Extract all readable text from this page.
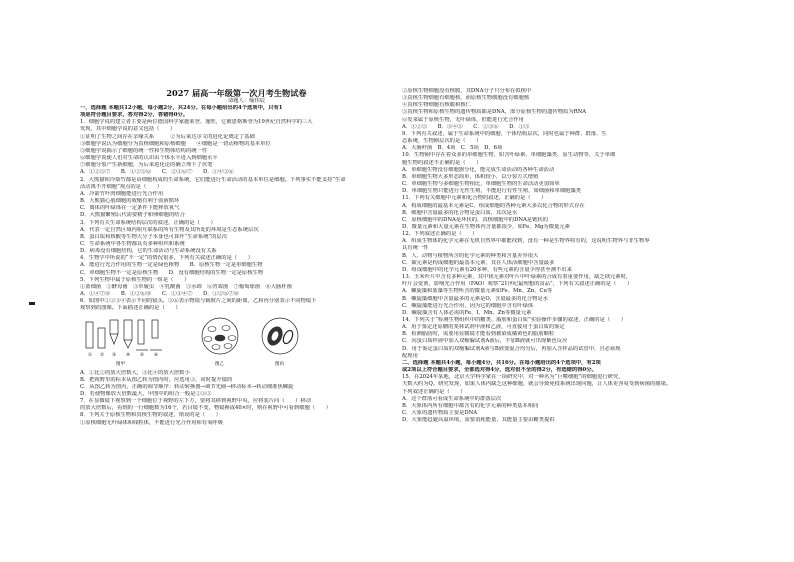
2027 届高一年级第一次月考生物试卷
命题人：喻伟辰
一、选择题 本题共12小题，每小题2分，共24分。在每小题给出的4个选项中，只有1
项是符合题目要求，答对得2分，答错得0分。
1．细胞学说的建立者主要是两位德国科学家施莱登、施旺，它被恩格斯誉为19世纪自然科学的三大
发现，其中细胞学说的意义包括（　　）
①证明了生物之间存在亲缘关系　　　②为后来达尔文的进化论奠定了基础
③细胞学说认为细胞分为真核细胞和原核细胞　　④细胞是一切动植物的基本单位
⑤细胞学说揭示了细胞的统一性和生物体结构的统一性
⑥细胞学说使人们对生命的认识由个体水平进入到细胞水平
⑦细胞分裂产生新细胞，为后来进化论的确立埋下了伏笔
A．①②⑤⑦　　B．①②⑤⑥　　C．②③⑥⑦　　D．①④⑤⑥
2．大熊猫和冷箭竹都是由细胞构成的生命系统，它们能进行生命活动的基本单位是细胞。下列事实不能支持“生命
活动离不开细胞”观点的是（　　）
A．冷箭竹叶肉细胞能进行光合作用
B．大熊猫心肌细胞的收缩有利于血液循环
C．离体的叶绿体在一定条件下能释放氧气
D．大熊猫繁殖后代需要精子和卵细胞的结合
3．下列有关生命系统结构层次的叙述，正确的是（　　）
A．代表一定自然区域内相互联系的所有生物及其所处的环境是生态系统层次
B．蛋白质和核酸等生物大分子本身也可算作“生命系统”的层次
C．生命系统中各生物都具有多种组织和系统
D．病毒没有细胞结构，它的生命活动与生命系统没有关系
4．生物学中所说的“不一定”的情况很多，下列有关叙述正确的是（　　）
A．能进行光合作用的生物一定是绿色植物　　B．原核生物一定是单细胞生物
C．单细胞生物不一定是原核生物　　D．没有细胞结构的生物一定是原核生物
5．下列生物中属于原核生物的一组是（　　）
①蓝细菌　②酵母菌　③草履虫　④乳酸菌　⑤水绵　⑥青霉菌　⑦葡萄球菌　⑧大肠杆菌
A．①④⑦⑧　　B．①②⑥⑧　　C．①③④⑦　　D．①②⑥⑦⑧
6．如图中①②③④表示不同的镜头，⑤⑥表示物镜与载玻片之间的距离，乙和丙分别表示不同物镜下
观察到的图像。下面描述正确的是（　　）
① ② ③ ④ ⑤ ⑥
图甲	图乙	图丙
A．①比②的放大倍数大，③比④的放大倍数小
B．把视野里的标本从图乙转为图丙时，应选用③，同时提升镜筒
C．从图乙转为图丙，正确的调节顺序：转动转换器→调节光圈→移动标本→转动细准焦螺旋
D．若使物像放大倍数最大，甲图中的组合一般是②③⑤
7．在显微镜下观察到一个细胞位于视野的左下方，要将其移到视野中央，应将装片向（　　）移动
的放大倍数后，看到的一行细胞数为16个，若目镜不变，物镜换成40×时，则在视野中可看到细胞（　　）
8．下列关于原核生物和真核生物的叙述，错误的是（　　）
①原核细胞无叶绿体和线粒体，不能进行光合作用和有氧呼吸
②原核生物细胞没有核膜，其DNA分子只分布在拟核中
③真核生物细胞有细胞核，而原核生物细胞没有细胞核
④真核生物细胞有核膜和核仁
⑤真核生物和原核生物的遗传物质都是DNA，部分原核生物的遗传物质为RNA
⑥发菜属于原核生物，无叶绿体，但能进行光合作用
A．①②⑤　　B．③④⑤　　C．②③⑥　　D．①⑤
9．下列有关叙述，属于生命系统中的细胞、个体结构层次，同时也属于种群、群落、生
态系统，生物圈层次的是（　　）
A．大肠杆菌　B．4项　C．5项　D．6项
10．生物圈中存在着众多的单细胞生物，如含叶绿素、单细胞藻类、原生动物等，关于单细
胞生物的叙述不正确的是（　　）
A．单细胞生物没有细胞器分化，能完成生命活动的各种生命活动
B．单细胞生物大多形态简单，体积较小，以分裂方式增殖
C．单细胞生物与多细胞生物相比，单细胞生物的生命活动更加简单
D．单细胞生物只能进行无性生殖，不能进行有性生殖，如细菌和单细胞藻类
11．下列有关细胞中元素和化合物的叙述，正确的是（　　）
A．构成细胞的最基本元素是C，组成细胞的各种元素大多以化合物的形式存在
B．细胞中含量最多的化合物是蛋白质，其次是水
C．原核细胞中的DNA是环状的，真核细胞中的DNA是链状的
D．微量元素和大量元素在生物体内含量都很少，如Fe、Mg为微量元素
12．下列叙述正确的是（　　）
A．组成生物体的化学元素在无机自然界中都能找到，没有一种是生物界特有的，这说明生物界与非生物界
具有统一性
B．人、动物与植物所含的化学元素的种类和含量差异很大
C．碳元素是构成细胞的最基本元素，其在人体活细胞中含量最多
D．组成细胞中的化学元素有20多种，有些元素的含量少得甚至测不出来
13．玉米叶片中含有多种元素，其中镁元素对叶片中叶绿素的合成有着重要作用，缺乏镁元素时，
叶片会变黄，影响光合作用（FAO）观察“21世纪最理想的食品”，下列有关叙述正确的是（　　）
A．螺旋藻和蓝藻等生物所含的微量元素如Fe、Mn、Zn、Cu等
B．螺旋藻细胞中含量最多的元素是O，含量最多的化合物是水
C．螺旋藻能进行光合作用，因为它的细胞中含有叶绿体
D．螺旋藻含有人体必需的Fe、I、Mn、Zn等微量元素
14．下列关于“检测生物组织中的糖类、脂肪和蛋白质”实验操作步骤的叙述，正确的是（　　）
A．用于鉴定还原糖的斐林试剂甲液和乙液，可直接用于蛋白质的鉴定
B．检测脂肪时，需要用显微镜才能看到被染成橘黄色的脂肪颗粒
C．向蛋白质样液中加入双缩脲试剂A液后，不加B液就可出现紫色反应
D．用于鉴定蛋白质的双缩脲试剂A液与B液要混合均匀后，再加入含样品的试管中，且必须现
配现用
二、选择题 本题共4小题，每小题4分，共16分。在每小题给出的4个选项中，有2项
或2项以上符合题目要求，全部选对得4分，选对但不全的得2分，有选错的得0分。
15．在2024年某地，北京大学科学家在一项研究中，对一种名为“巨噬细胞”的细胞进行研究，
天数大约为Q。研究发现，如果人体内缺乏这种细胞，就会导致免疫系统出现问题，让人体更容易受到病菌的感染。
下列叙述正确的是（　　）
A．这个群落可看成生命系统中的群落层次
B．大象体内所有细胞中都含有的化学元素的种类基本相同
C．大象的遗传物质主要是DNA
D．大象能趋避高温环境，需要消耗能量，其能量主要由糖类提供
